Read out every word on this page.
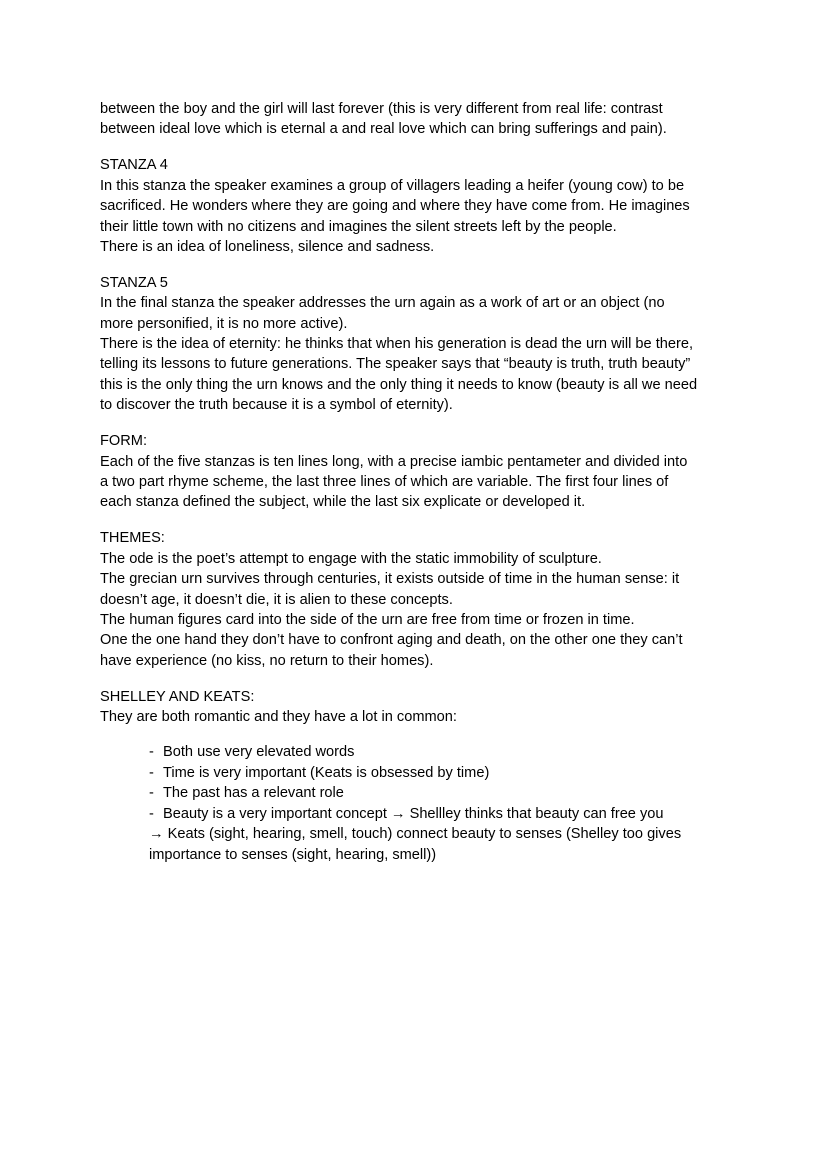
between the boy and the girl will last forever (this is very different from real life: contrast

between ideal love which is eternal a and real love which can bring sufferings and pain).

STANZA 4

In this stanza the speaker examines a group of villagers leading a heifer (young cow) to be

sacrificed. He wonders where they are going and where they have come from. He imagines

their little town with no citizens and imagines the silent streets left by the people.

There is an idea of loneliness, silence and sadness.

STANZA 5

In the final stanza the speaker addresses the urn again as a work of art or an object (no

more personified, it is no more active).

There is the idea of eternity: he thinks that when his generation is dead the urn will be there,

telling its lessons to future generations. The speaker says that “beauty is truth, truth beauty”

this is the only thing the urn knows and the only thing it needs to know (beauty is all we need

to discover the truth because it is a symbol of eternity).

FORM:

Each of the five stanzas is ten lines long, with a precise iambic pentameter and divided into

a two part rhyme scheme, the last three lines of which are variable. The first four lines of

each stanza defined the subject, while the last six explicate or developed it.

THEMES:

The ode is the poet’s attempt to engage with the static immobility of sculpture.

The grecian urn survives through centuries, it exists outside of time in the human sense: it

doesn’t age, it doesn’t die, it is alien to these concepts.

The human figures card into the side of the urn are free from time or frozen in time.

One the one hand they don’t have to confront aging and death, on the other one they can’t

have experience (no kiss, no return to their homes).

SHELLEY AND KEATS:

They are both romantic and they have a lot in common:

- Both use very elevated words
- Time is very important (Keats is obsessed by time)
- The past has a relevant role
- Beauty is a very important concept → Shellley thinks that beauty can free you
→ Keats (sight, hearing, smell, touch) connect beauty to senses (Shelley too gives
importance to senses (sight, hearing, smell))
